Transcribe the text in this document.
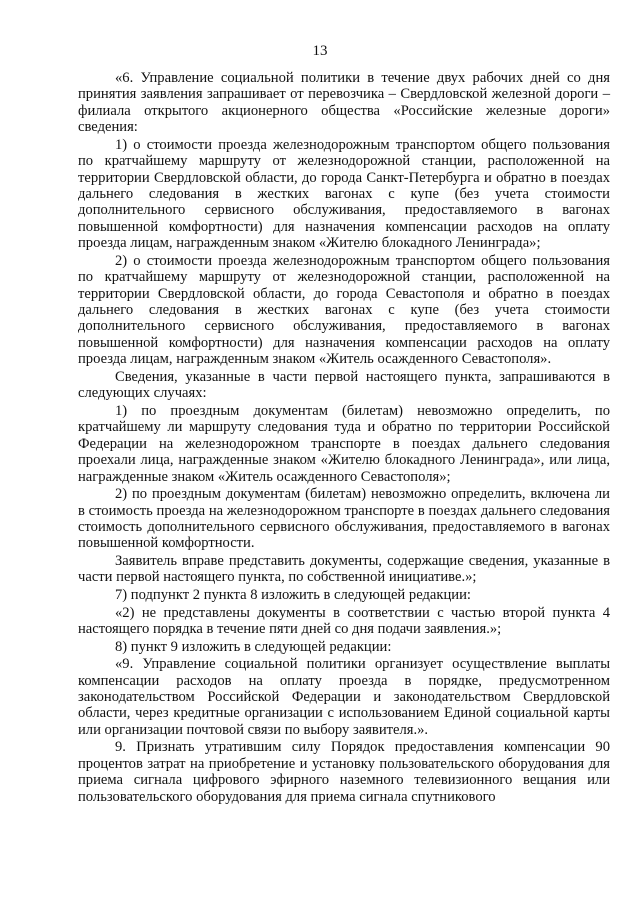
13

«6. Управление социальной политики в течение двух рабочих дней со дня принятия заявления запрашивает от перевозчика – Свердловской железной дороги – филиала открытого акционерного общества «Российские железные дороги» сведения:

1) о стоимости проезда железнодорожным транспортом общего пользования по кратчайшему маршруту от железнодорожной станции, расположенной на территории Свердловской области, до города Санкт-Петербурга и обратно в поездах дальнего следования в жестких вагонах с купе (без учета стоимости дополнительного сервисного обслуживания, предоставляемого в вагонах повышенной комфортности) для назначения компенсации расходов на оплату проезда лицам, награжденным знаком «Жителю блокадного Ленинграда»;

2) о стоимости проезда железнодорожным транспортом общего пользования по кратчайшему маршруту от железнодорожной станции, расположенной на территории Свердловской области, до города Севастополя и обратно в поездах дальнего следования в жестких вагонах с купе (без учета стоимости дополнительного сервисного обслуживания, предоставляемого в вагонах повышенной комфортности) для назначения компенсации расходов на оплату проезда лицам, награжденным знаком «Житель осажденного Севастополя».

Сведения, указанные в части первой настоящего пункта, запрашиваются в следующих случаях:

1) по проездным документам (билетам) невозможно определить, по кратчайшему ли маршруту следования туда и обратно по территории Российской Федерации на железнодорожном транспорте в поездах дальнего следования проехали лица, награжденные знаком «Жителю блокадного Ленинграда», или лица, награжденные знаком «Житель осажденного Севастополя»;

2) по проездным документам (билетам) невозможно определить, включена ли в стоимость проезда на железнодорожном транспорте в поездах дальнего следования стоимость дополнительного сервисного обслуживания, предоставляемого в вагонах повышенной комфортности.

Заявитель вправе представить документы, содержащие сведения, указанные в части первой настоящего пункта, по собственной инициативе.»;

7) подпункт 2 пункта 8 изложить в следующей редакции:

«2) не представлены документы в соответствии с частью второй пункта 4 настоящего порядка в течение пяти дней со дня подачи заявления.»;

8) пункт 9 изложить в следующей редакции:

«9. Управление социальной политики организует осуществление выплаты компенсации расходов на оплату проезда в порядке, предусмотренном законодательством Российской Федерации и законодательством Свердловской области, через кредитные организации с использованием Единой социальной карты или организации почтовой связи по выбору заявителя.».

9. Признать утратившим силу Порядок предоставления компенсации 90 процентов затрат на приобретение и установку пользовательского оборудования для приема сигнала цифрового эфирного наземного телевизионного вещания или пользовательского оборудования для приема сигнала спутникового
